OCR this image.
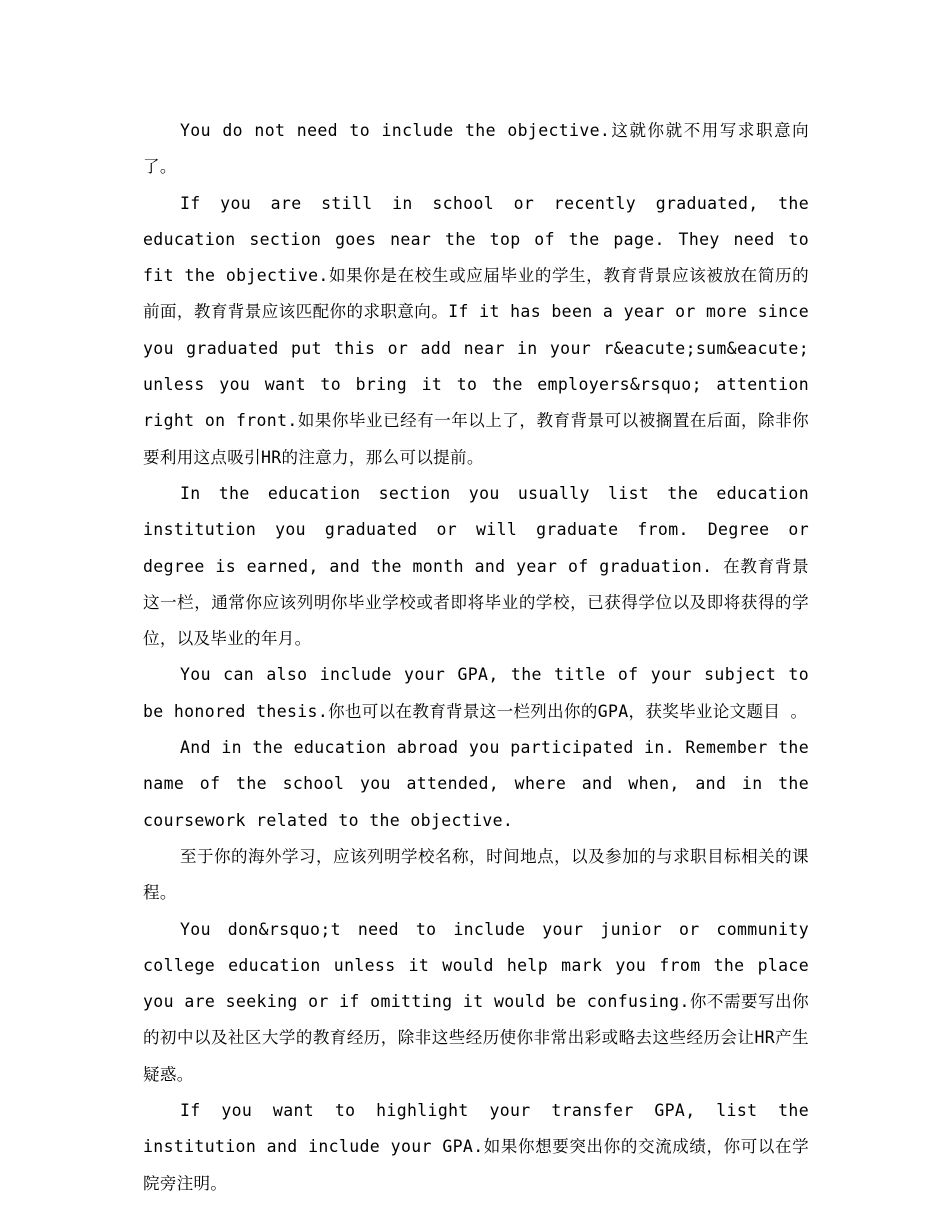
You do not need to include the objective.这就你就不用写求职意向了。

If you are still in school or recently graduated, the education section goes near the top of the page. They need to fit the objective.如果你是在校生或应届毕业的学生，教育背景应该被放在简历的前面，教育背景应该匹配你的求职意向。If it has been a year or more since you graduated put this or add near in your r&eacute;sum&eacute; unless you want to bring it to the employers&rsquo; attention right on front.如果你毕业已经有一年以上了，教育背景可以被搁置在后面，除非你要利用这点吸引HR的注意力，那么可以提前。

In the education section you usually list the education institution you graduated or will graduate from. Degree or degree is earned, and the month and year of graduation. 在教育背景这一栏，通常你应该列明你毕业学校或者即将毕业的学校，已获得学位以及即将获得的学位，以及毕业的年月。

You can also include your GPA, the title of your subject to be honored thesis.你也可以在教育背景这一栏列出你的GPA，获奖毕业论文题目 。

And in the education abroad you participated in. Remember the name of the school you attended, where and when, and in the coursework related to the objective.

至于你的海外学习，应该列明学校名称，时间地点，以及参加的与求职目标相关的课程。

You don&rsquo;t need to include your junior or community college education unless it would help mark you from the place you are seeking or if omitting it would be confusing.你不需要写出你的初中以及社区大学的教育经历，除非这些经历使你非常出彩或略去这些经历会让HR产生疑惑。

If you want to highlight your transfer GPA, list the institution and include your GPA.如果你想要突出你的交流成绩，你可以在学院旁注明。
